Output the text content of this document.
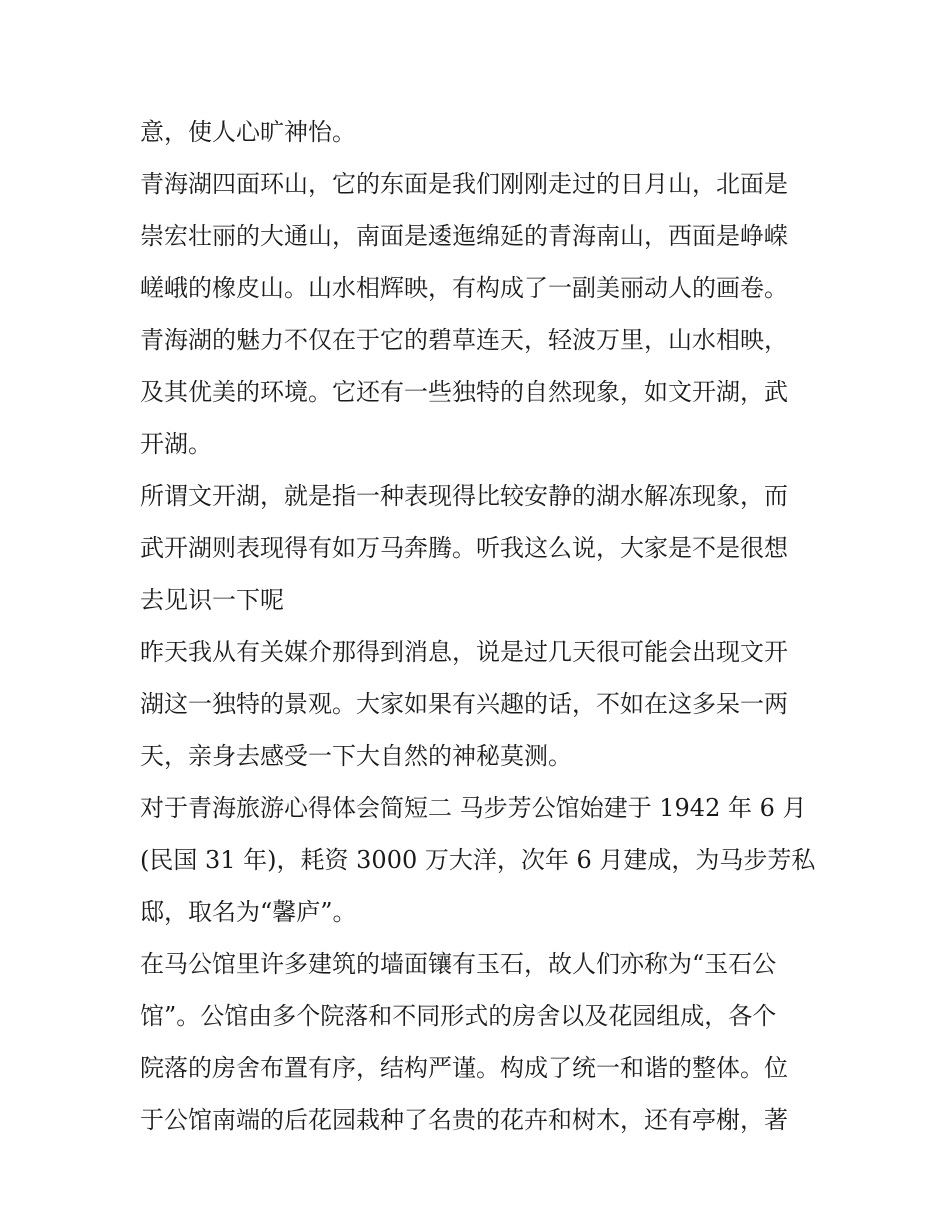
意，使人心旷神怡。

青海湖四面环山，它的东面是我们刚刚走过的日月山，北面是
崇宏壮丽的大通山，南面是逶迤绵延的青海南山，西面是峥嵘
嵯峨的橡皮山。山水相辉映，有构成了一副美丽动人的画卷。

青海湖的魅力不仅在于它的碧草连天，轻波万里，山水相映，
及其优美的环境。它还有一些独特的自然现象，如文开湖，武
开湖。

所谓文开湖，就是指一种表现得比较安静的湖水解冻现象，而
武开湖则表现得有如万马奔腾。听我这么说，大家是不是很想
去见识一下呢

昨天我从有关媒介那得到消息，说是过几天很可能会出现文开
湖这一独特的景观。大家如果有兴趣的话，不如在这多呆一两
天，亲身去感受一下大自然的神秘莫测。

对于青海旅游心得体会简短二 马步芳公馆始建于 1942 年 6 月
(民国 31 年)，耗资 3000 万大洋，次年 6 月建成，为马步芳私
邸，取名为“馨庐”。

在马公馆里许多建筑的墙面镶有玉石，故人们亦称为“玉石公
馆”。公馆由多个院落和不同形式的房舍以及花园组成，各个
院落的房舍布置有序，结构严谨。构成了统一和谐的整体。位
于公馆南端的后花园栽种了名贵的花卉和树木，还有亭榭，著
